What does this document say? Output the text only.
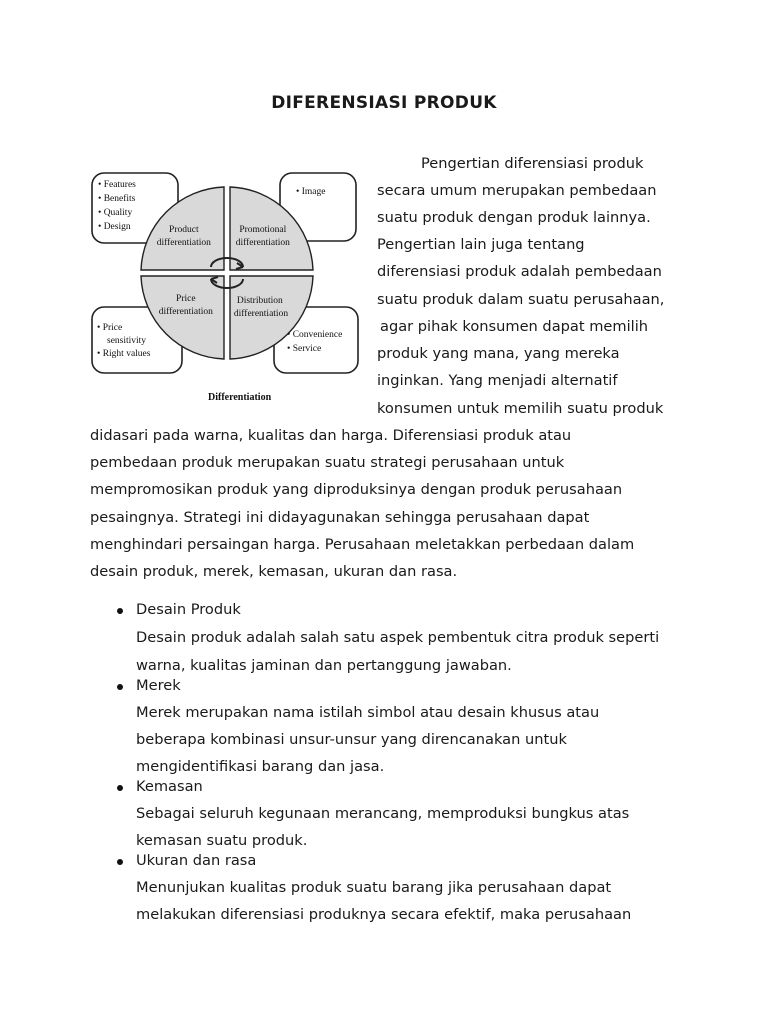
DIFERENSIASI PRODUK
Product differentiation Promotional differentiation Price differentiation Distribution differentiation
• Features • Benefits • Quality • Design • Image • Price sensitivity • Right values • Convenience • Service
Differentiation
Pengertian diferensiasi produk
secara umum merupakan pembedaan
suatu produk dengan produk lainnya.
Pengertian lain juga tentang
diferensiasi produk adalah pembedaan
suatu produk dalam suatu perusahaan,
agar pihak konsumen dapat memilih
produk yang mana, yang mereka
inginkan. Yang menjadi alternatif
konsumen untuk memilih suatu produk
didasari pada warna, kualitas dan harga. Diferensiasi produk atau
pembedaan produk merupakan suatu strategi perusahaan untuk
mempromosikan produk yang diproduksinya dengan produk perusahaan
pesaingnya. Strategi ini didayagunakan sehingga perusahaan dapat
menghindari persaingan harga. Perusahaan meletakkan perbedaan dalam
desain produk, merek, kemasan, ukuran dan rasa.
Desain Produk
Desain produk adalah salah satu aspek pembentuk citra produk seperti
warna, kualitas jaminan dan pertanggung jawaban.
Merek
Merek merupakan nama istilah simbol atau desain khusus atau
beberapa kombinasi unsur-unsur yang direncanakan untuk
mengidentifikasi barang dan jasa.
Kemasan
Sebagai seluruh kegunaan merancang, memproduksi bungkus atas
kemasan suatu produk.
Ukuran dan rasa
Menunjukan kualitas produk suatu barang jika perusahaan dapat
melakukan diferensiasi produknya secara efektif, maka perusahaan
